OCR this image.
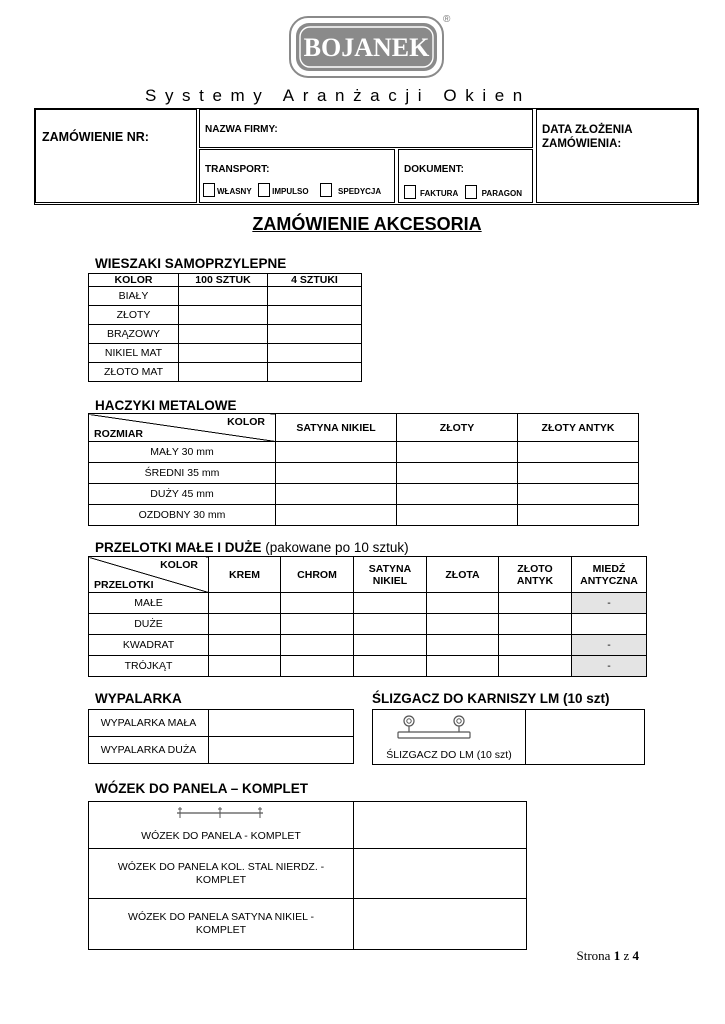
BOJANEK
®
Systemy Aranżacji Okien
ZAMÓWIENIE NR:
NAZWA FIRMY:
TRANSPORT:
WŁASNY	IMPULSO	SPEDYCJA
DOKUMENT:
FAKTURA	PARAGON
DATA ZŁOŻENIA ZAMÓWIENIA:
ZAMÓWIENIE AKCESORIA
WIESZAKI SAMOPRZYLEPNE
KOLOR	100 SZTUK	4 SZTUKI
BIAŁY		
ZŁOTY		
BRĄZOWY		
NIKIEL MAT		
ZŁOTO MAT		
HACZYKI METALOWE
KOLOR
ROZMIAR	SATYNA NIKIEL	ZŁOTY	ZŁOTY ANTYK
MAŁY 30 mm			
ŚREDNI 35 mm			
DUŻY 45 mm			
OZDOBNY 30 mm			
PRZELOTKI MAŁE I DUŻE (pakowane po 10 sztuk)
KOLOR
PRZELOTKI	KREM	CHROM	SATYNA NIKIEL	ZŁOTA	ZŁOTO ANTYK	MIEDŹ ANTYCZNA
MAŁE						-
DUŻE						
KWADRAT						-
TRÓJKĄT						-
WYPALARKA
WYPALARKA MAŁA	
WYPALARKA DUŻA	
ŚLIZGACZ DO KARNISZY LM (10 szt)
ŚLIZGACZ DO LM (10 szt)	
WÓZEK DO PANELA – KOMPLET
WÓZEK DO PANELA - KOMPLET	
WÓZEK DO PANELA KOL. STAL NIERDZ. - KOMPLET	
WÓZEK DO PANELA SATYNA NIKIEL - KOMPLET	
Strona 1 z 4
